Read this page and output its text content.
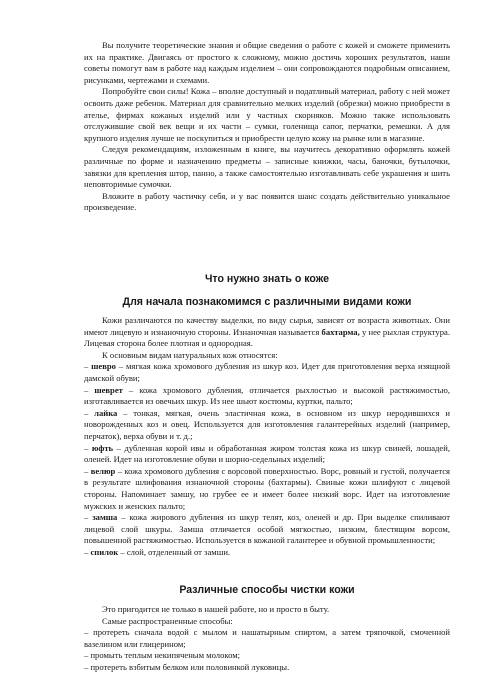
Вы получите теоретические знания и общие сведения о работе с кожей и сможете применить их на практике. Двигаясь от простого к сложному, можно достичь хороших результатов, наши советы помогут вам в работе над каждым изделием – они сопровождаются подробным описанием, рисунками, чертежами и схемами.

Попробуйте свои силы! Кожа – вполне доступный и податливый материал, работу с ней может освоить даже ребенок. Материал для сравнительно мелких изделий (обрезки) можно приобрести в ателье, фирмах кожаных изделий или у частных скорняков. Можно также использовать отслужившие свой век вещи и их части – сумки, голенища сапог, перчатки, ремешки. А для крупного изделия лучше не поскупиться и приобрести целую кожу на рынке или в магазине.

Следуя рекомендациям, изложенным в книге, вы научитесь декоративно оформлять кожей различные по форме и назначению предметы – записные книжки, часы, баночки, бутылочки, завязки для крепления штор, панно, а также самостоятельно изготавливать себе украшения и шить неповторимые сумочки.

Вложите в работу частичку себя, и у вас появится шанс создать действительно уникальное произведение.

Что нужно знать о коже
Для начала познакомимся с различными видами кожи

Кожи различаются по качеству выделки, по виду сырья, зависят от возраста животных. Они имеют лицевую и изнаночную стороны. Изнаночная называется бахтарма, у нее рыхлая структура. Лицевая сторона более плотная и однородная.

К основным видам натуральных кож относятся:

– шевро – мягкая кожа хромового дубления из шкур коз. Идет для приготовления верха изящной дамской обуви;

– шеврет – кожа хромового дубления, отличается рыхлостью и высокой растяжимостью, изготавливается из овечьих шкур. Из нее шьют костюмы, куртки, пальто;

– лайка – тонкая, мягкая, очень эластичная кожа, в основном из шкур неродившихся и новорожденных коз и овец. Используется для изготовления галантерейных изделий (например, перчаток), верха обуви и т. д.;

– юфть – дубленная корой ивы и обработанная жиром толстая кожа из шкур свиней, лошадей, оленей. Идет на изготовление обуви и шорно-седельных изделий;

– велюр – кожа хромового дубления с ворсовой поверхностью. Ворс, ровный и густой, получается в результате шлифования изнаночной стороны (бахтармы). Свиные кожи шлифуют с лицевой стороны. Напоминает замшу, но грубее ее и имеет более низкий ворс. Идет на изготовление мужских и женских пальто;

– замша – кожа жирового дубления из шкур телят, коз, оленей и др. При выделке спиливают лицевой слой шкуры. Замша отличается особой мягкостью, низким, блестящим ворсом, повышенной растяжимостью. Используется в кожаной галантерее и обувной промышленности;

– спилок – слой, отделенный от замши.

Различные способы чистки кожи

Это пригодится не только в нашей работе, но и просто в быту.

Самые распространенные способы:

– протереть сначала водой с мылом и нашатырным спиртом, а затем тряпочкой, смоченной вазелином или глицерином;

– промыть теплым некипяченым молоком;

– протереть взбитым белком или половинкой луковицы.
